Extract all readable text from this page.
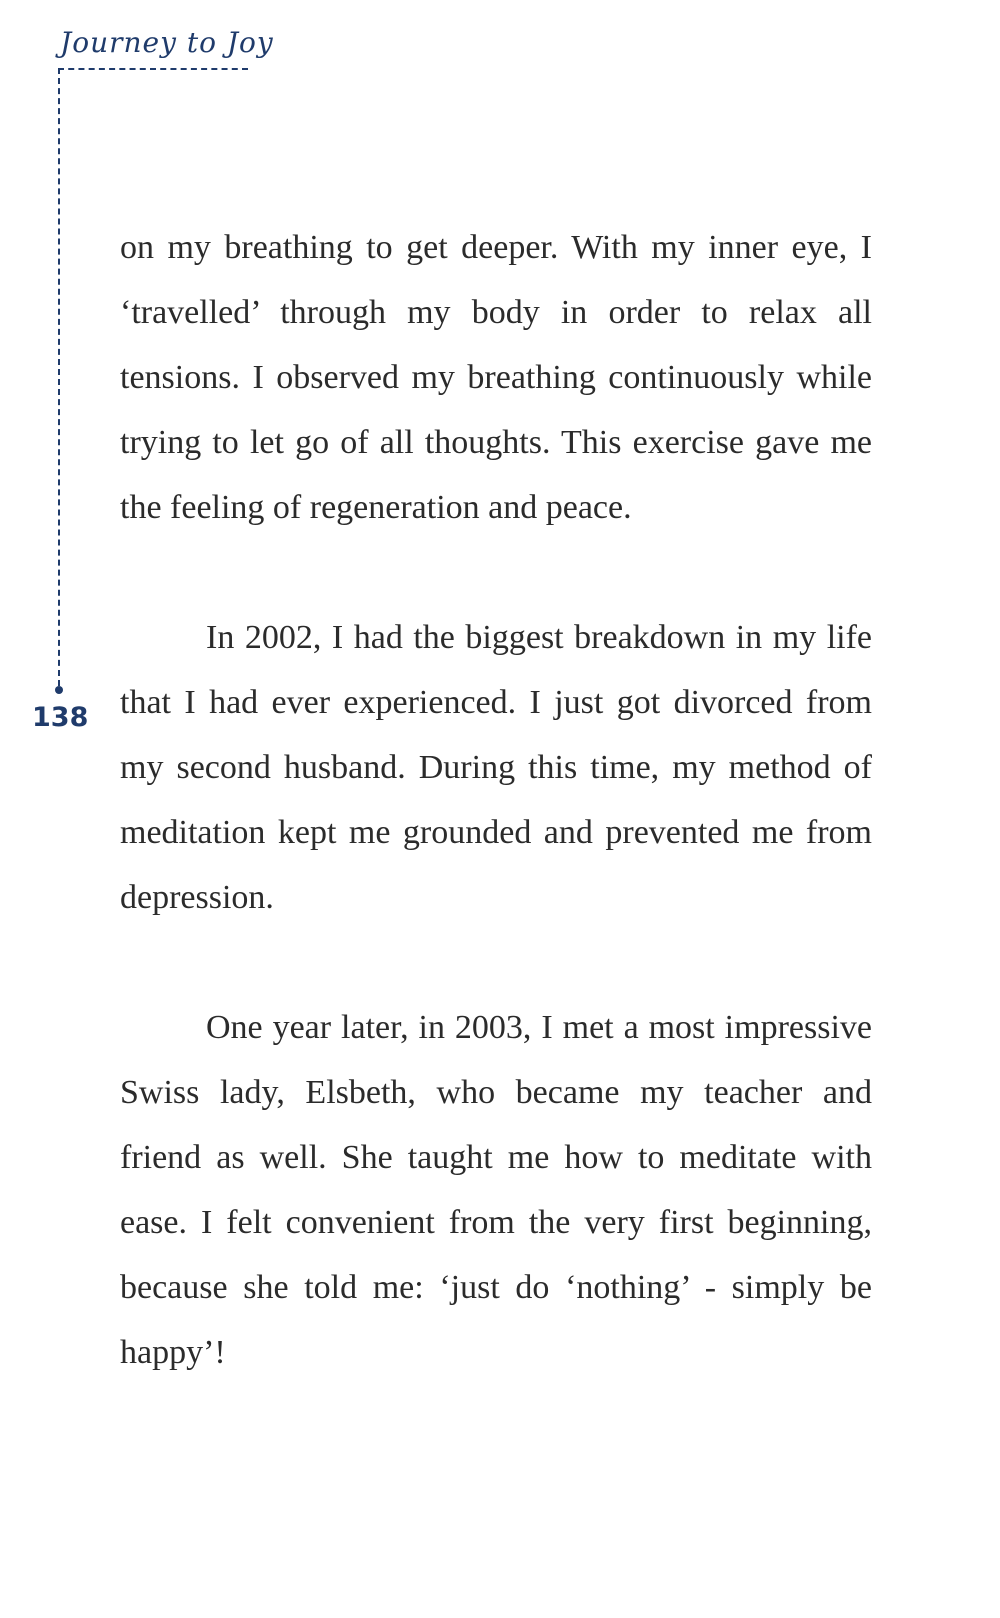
Journey to Joy
138

on my breathing to get deeper. With my inner eye, I ‘travelled’ through my body in order to relax all tensions. I observed my breathing continuously while trying to let go of all thoughts. This exercise gave me the feeling of regeneration and peace.

In 2002, I had the biggest breakdown in my life that I had ever experienced. I just got divorced from my second husband. During this time, my method of meditation kept me grounded and prevented me from depression.

One year later, in 2003, I met a most impressive Swiss lady, Elsbeth, who became my teacher and friend as well. She taught me how to meditate with ease. I felt convenient from the very first beginning, because she told me: ‘just do ‘nothing’ - simply be happy’!
